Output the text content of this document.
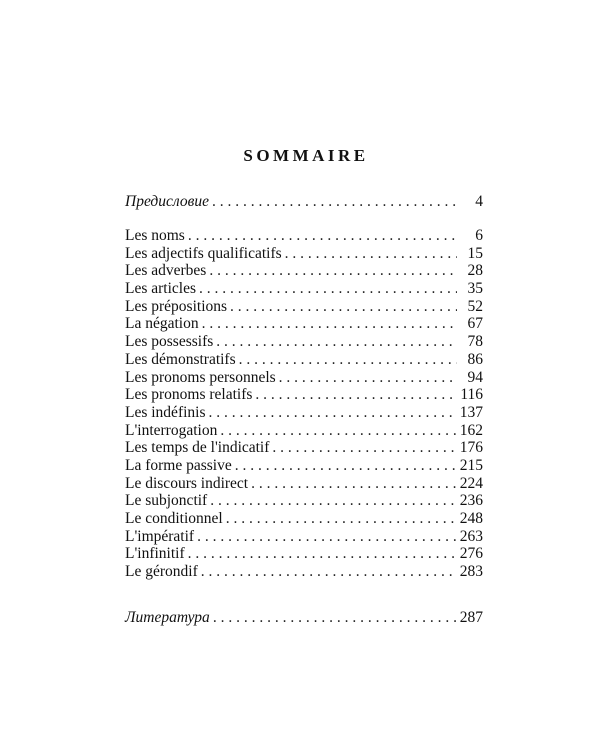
SOMMAIRE
Предисловие . . .	4
Les noms . . .	6
Les adjectifs qualificatifs . . .	15
Les adverbes . . .	28
Les articles . . .	35
Les prépositions . . .	52
La négation . . .	67
Les possessifs . . .	78
Les démonstratifs . . .	86
Les pronoms personnels . . .	94
Les pronoms relatifs . . .	116
Les indéfinis . . .	137
L'interrogation . . .	162
Les temps de l'indicatif . . .	176
La forme passive . . .	215
Le discours indirect . . .	224
Le subjonctif . . .	236
Le conditionnel . . .	248
L'impératif . . .	263
L'infinitif . . .	276
Le gérondif . . .	283
Литература . . .	287
